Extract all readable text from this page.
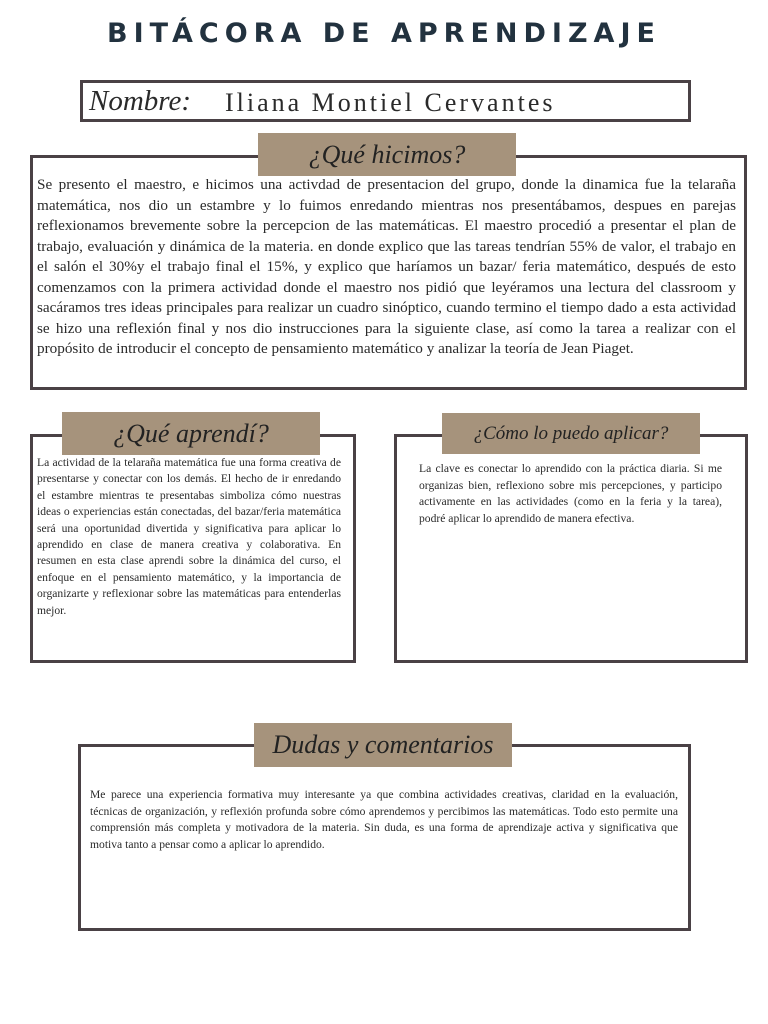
BITÁCORA DE APRENDIZAJE
Nombre: Iliana Montiel Cervantes
¿Qué hicimos?

Se presento el maestro, e hicimos una activdad de presentacion del grupo, donde la dinamica fue la telaraña matemática, nos dio un estambre y lo fuimos enredando mientras nos presentábamos, despues en parejas reflexionamos brevemente sobre la percepcion de las matemáticas. El maestro procedió a presentar el plan de trabajo, evaluación y dinámica de la materia. en donde explico que las tareas tendrían 55% de valor, el trabajo en el salón el 30%y el trabajo final el 15%, y explico que haríamos un bazar/ feria matemático, después de esto comenzamos con la primera actividad donde el maestro nos pidió que leyéramos una lectura del classroom y sacáramos tres ideas principales para realizar un cuadro sinóptico, cuando termino el tiempo dado a esta actividad se hizo una reflexión final y nos dio instrucciones para la siguiente clase, así como la tarea a realizar con el propósito de introducir el concepto de pensamiento matemático y analizar la teoría de Jean Piaget.

¿Qué aprendí?

La actividad de la telaraña matemática fue una forma creativa de presentarse y conectar con los demás. El hecho de ir enredando el estambre mientras te presentabas simboliza cómo nuestras ideas o experiencias están conectadas, del bazar/feria matemática será una oportunidad divertida y significativa para aplicar lo aprendido en clase de manera creativa y colaborativa. En resumen en esta clase aprendi sobre la dinámica del curso, el enfoque en el pensamiento matemático, y la importancia de organizarte y reflexionar sobre las matemáticas para entenderlas mejor.

¿Cómo lo puedo aplicar?

La clave es conectar lo aprendido con la práctica diaria. Si me organizas bien, reflexiono sobre mis percepciones, y participo activamente en las actividades (como en la feria y la tarea), podré aplicar lo aprendido de manera efectiva.

Dudas y comentarios

Me parece una experiencia formativa muy interesante ya que combina actividades creativas, claridad en la evaluación, técnicas de organización, y reflexión profunda sobre cómo aprendemos y percibimos las matemáticas. Todo esto permite una comprensión más completa y motivadora de la materia. Sin duda, es una forma de aprendizaje activa y significativa que motiva tanto a pensar como a aplicar lo aprendido.
